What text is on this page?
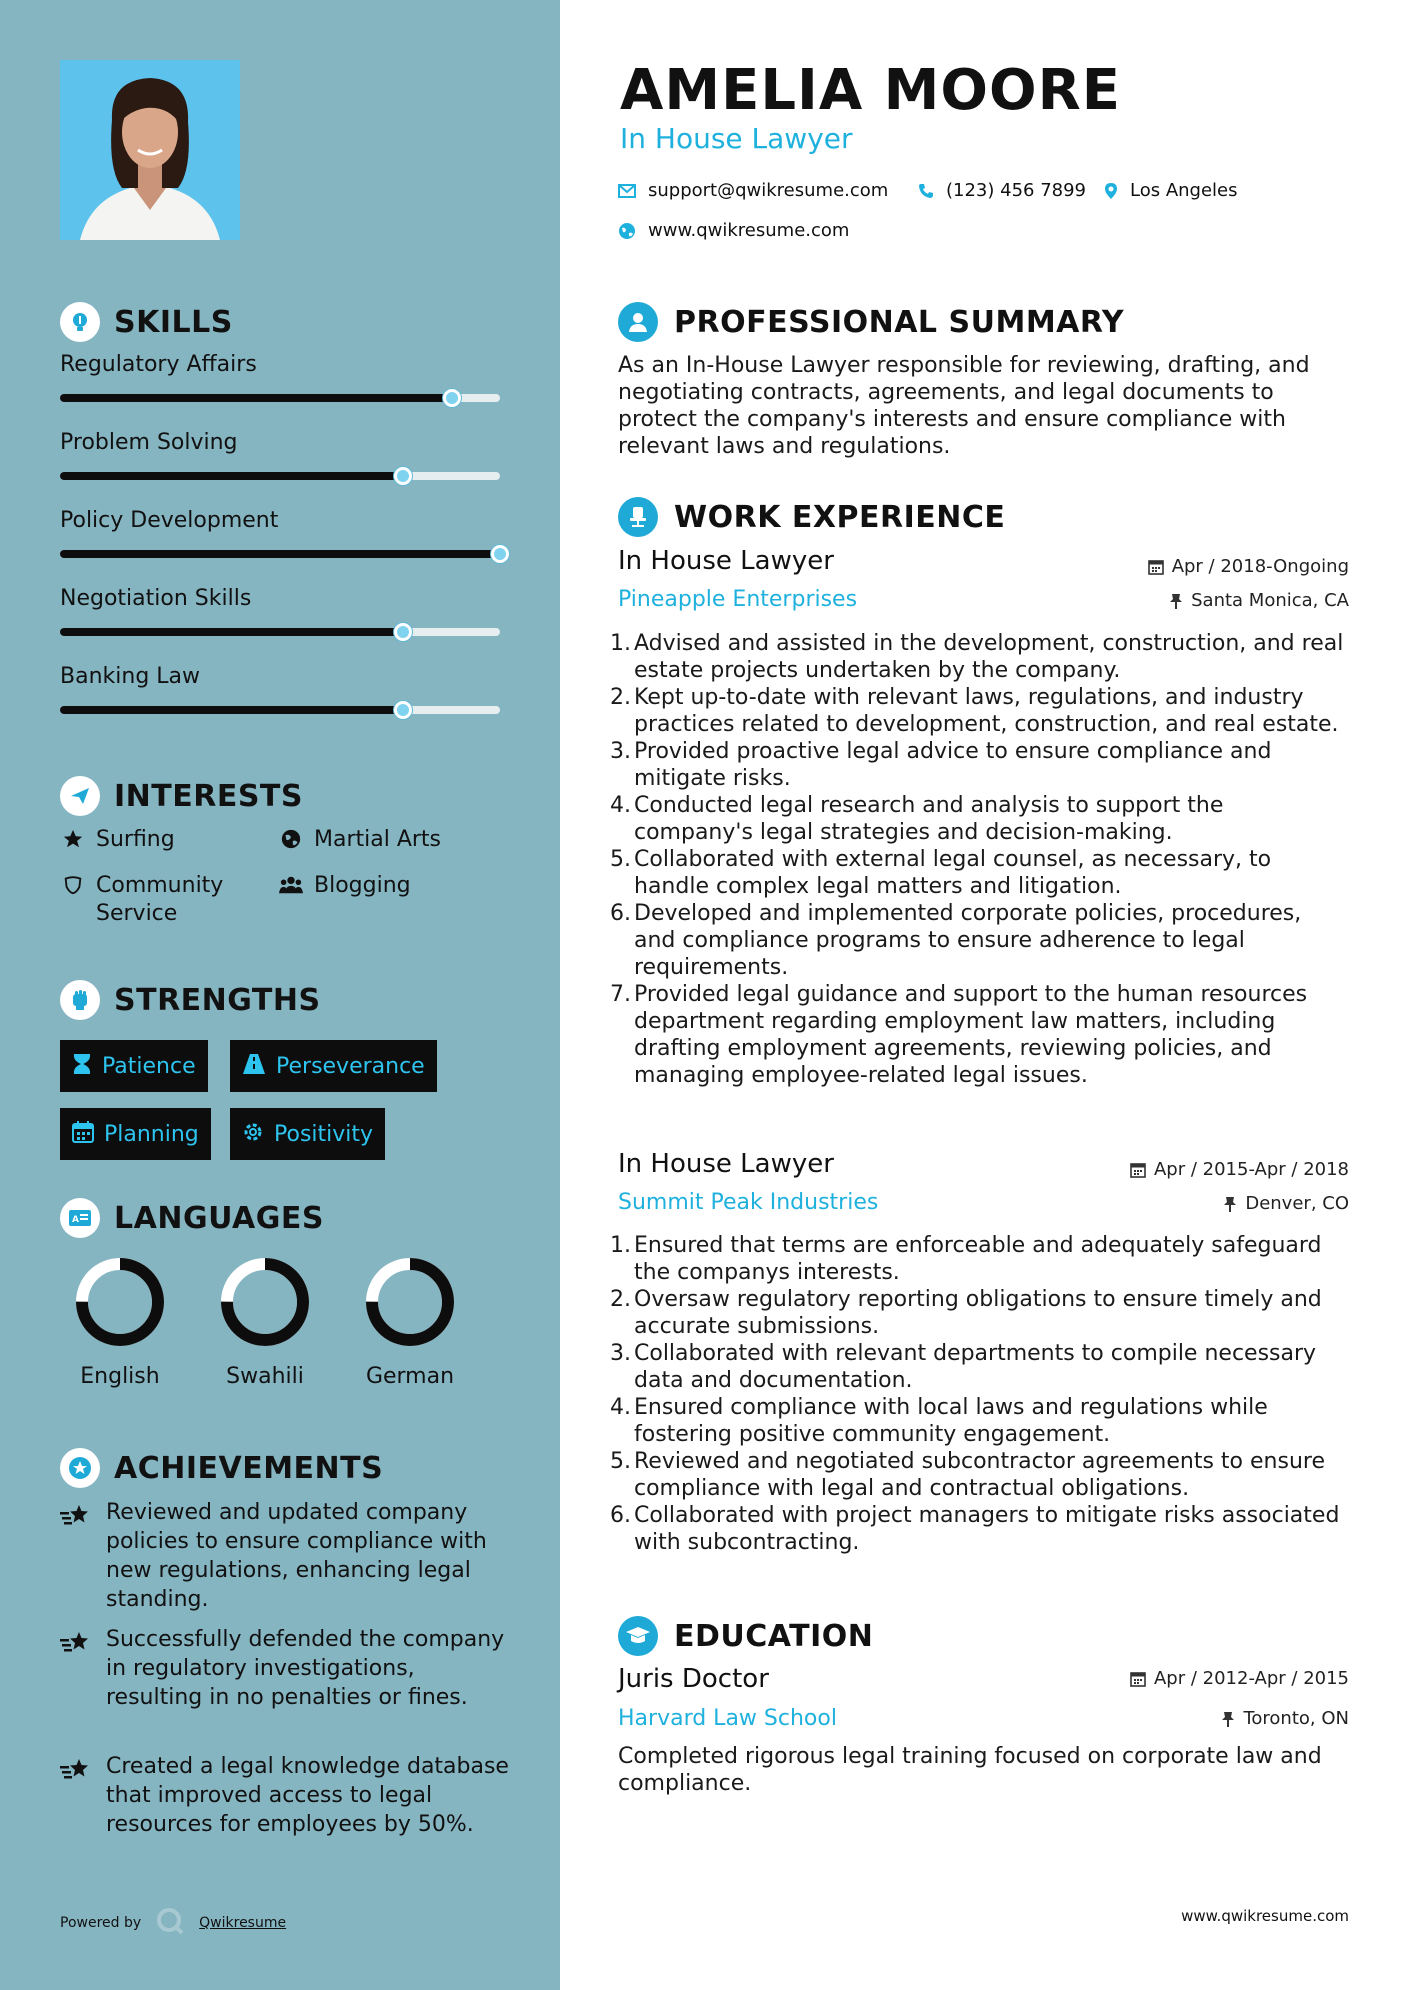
SKILLS
Regulatory Affairs
Problem Solving
Policy Development
Negotiation Skills
Banking Law
INTERESTS
Surfing	Martial Arts
Community Service
Blogging
STRENGTHS
Patience	Perseverance
Planning	Positivity
A LANGUAGES
English	Swahili	German
ACHIEVEMENTS
Reviewed and updated company policies to ensure compliance with new regulations, enhancing legal standing.
Successfully defended the company in regulatory investigations, resulting in no penalties or fines.
Created a legal knowledge database that improved access to legal resources for employees by 50%.
Powered by	Qwikresume
AMELIA MOORE
In House Lawyer
support@qwikresume.com	(123) 456 7899 Los Angeles
www.qwikresume.com
PROFESSIONAL SUMMARY
As an In-House Lawyer responsible for reviewing, drafting, and negotiating contracts, agreements, and legal documents to protect the company's interests and ensure compliance with relevant laws and regulations.
WORK EXPERIENCE
In House Lawyer	Apr / 2018-Ongoing
Pineapple Enterprises	Santa Monica, CA
1. Advised and assisted in the development, construction, and real estate projects undertaken by the company.
2. Kept up-to-date with relevant laws, regulations, and industry practices related to development, construction, and real estate.
3. Provided proactive legal advice to ensure compliance and mitigate risks.
4. Conducted legal research and analysis to support the company's legal strategies and decision-making.
5. Collaborated with external legal counsel, as necessary, to handle complex legal matters and litigation.
6. Developed and implemented corporate policies, procedures, and compliance programs to ensure adherence to legal requirements.
7. Provided legal guidance and support to the human resources department regarding employment law matters, including drafting employment agreements, reviewing policies, and managing employee-related legal issues.
In House Lawyer	Apr / 2015-Apr / 2018
Summit Peak Industries	Denver, CO
1. Ensured that terms are enforceable and adequately safeguard the companys interests.
2. Oversaw regulatory reporting obligations to ensure timely and accurate submissions.
3. Collaborated with relevant departments to compile necessary data and documentation.
4. Ensured compliance with local laws and regulations while fostering positive community engagement.
5. Reviewed and negotiated subcontractor agreements to ensure compliance with legal and contractual obligations.
6. Collaborated with project managers to mitigate risks associated with subcontracting.
EDUCATION
Juris Doctor	Apr / 2012-Apr / 2015
Harvard Law School	Toronto, ON
Completed rigorous legal training focused on corporate law and compliance.
www.qwikresume.com
